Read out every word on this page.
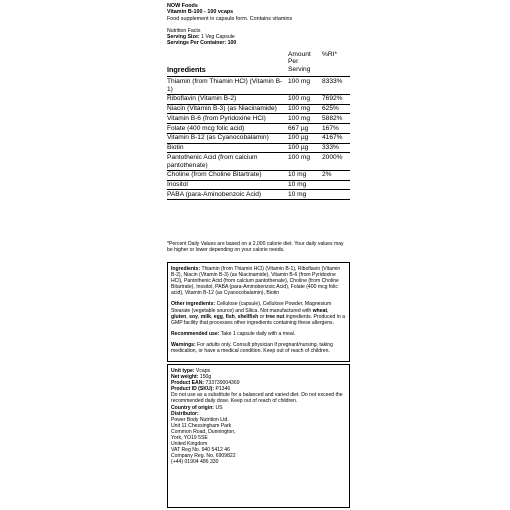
NOW Foods
Vitamin B-100 - 100 vcaps
Food supplement in capsule form. Contains vitamins
Nutrition Facts
Serving Size: 1 Veg Capsule
Servings Per Container: 100
Ingredients	Amount Per Serving	%RI*
Thiamin (from Thiamin HCl) (Vitamin B-1)	100 mg	8333%
Riboflavin (Vitamin B-2)	100 mg	7692%
Niacin (Vitamin B-3) (as Niacinamide)	100 mg	625%
Vitamin B-6 (from Pyridoxine HCl)	100 mg	5882%
Folate (400 mcg folic acid)	667 µg	167%
Vitamin B-12 (as Cyanocobalamin)	100 µg	4167%
Biotin	100 µg	333%
Pantothenic Acid (from calcium pantothenate)	100 mg	2000%
Choline (from Choline Bitartrate)	10 mg	2%
Inositol	10 mg	
PABA (para-Aminobenzoic Acid)	10 mg	
*Percent Daily Values are based on a 2,000 calorie diet. Your daily values may be higher or lower depending on your calorie needs.

Ingredients: Thiamin (from Thiamin HCl) (Vitamin B-1), Riboflavin (Vitamin B-2), Niacin (Vitamin B-3) (as Niacinamide), Vitamin B-6 (from Pyridoxine HCl), Pantothenic Acid (from calcium pantothenate), Choline (from Choline Bitartrate), Inositol, PABA (para-Aminobenzoic Acid), Folate (400 mcg folic acid), Vitamin B-12 (as Cyanocobalamin), Biotin

Other ingredients: Cellulose (capsule), Cellulose Powder, Magnesium Stearate (vegetable source) and Silica. Not manufactured with wheat, gluten, soy, milk, egg, fish, shellfish or tree nut ingredients. Produced in a GMP facility that processes other ingredients containing these allergens.

Recommended use: Take 1 capsule daily with a meal.

Warnings: For adults only. Consult physician if pregnant/nursing, taking medication, or have a medical condition. Keep out of reach of children.

Unit type: Vcaps
Net weight: 150g
Product EAN: 733739004369
Product ID (SKU): P1346
Do not use as a substitute for a balanced and varied diet. Do not exceed the recommended daily dose. Keep out of reach of children.
Country of origin: US
Distributor:
Power Body Nutrition Ltd.
Unit 11 Chessingham Park
Common Road, Dunnington,
York, YO19 5SE
United Kingdom
VAT Reg No. 940 5412 46
Company Reg. No. 6909822
(+44) 01904 486 330
